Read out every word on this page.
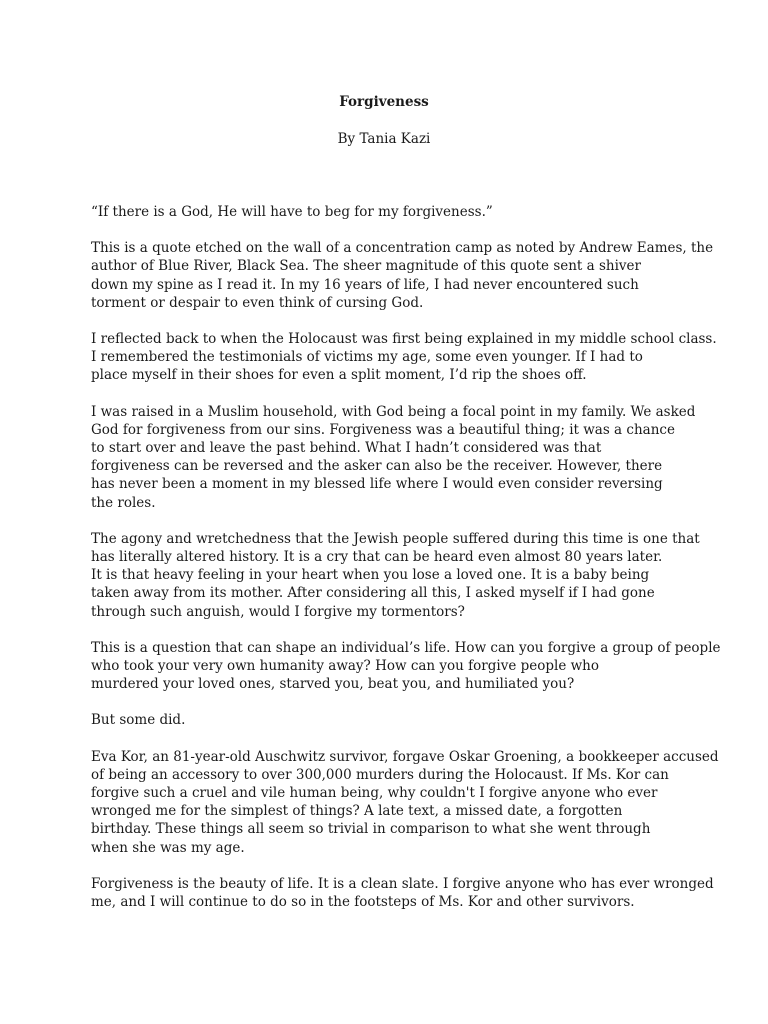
Forgiveness
By Tania Kazi

“If there is a God, He will have to beg for my forgiveness.”

This is a quote etched on the wall of a concentration camp as noted by Andrew Eames, the
author of Blue River, Black Sea. The sheer magnitude of this quote sent a shiver
down my spine as I read it. In my 16 years of life, I had never encountered such
torment or despair to even think of cursing God.

I reflected back to when the Holocaust was first being explained in my middle school class.
I remembered the testimonials of victims my age, some even younger. If I had to
place myself in their shoes for even a split moment, I’d rip the shoes off.

I was raised in a Muslim household, with God being a focal point in my family. We asked
God for forgiveness from our sins. Forgiveness was a beautiful thing; it was a chance
to start over and leave the past behind. What I hadn’t considered was that
forgiveness can be reversed and the asker can also be the receiver. However, there
has never been a moment in my blessed life where I would even consider reversing
the roles.

The agony and wretchedness that the Jewish people suffered during this time is one that
has literally altered history. It is a cry that can be heard even almost 80 years later.
It is that heavy feeling in your heart when you lose a loved one. It is a baby being
taken away from its mother. After considering all this, I asked myself if I had gone
through such anguish, would I forgive my tormentors?

This is a question that can shape an individual’s life. How can you forgive a group of people
who took your very own humanity away? How can you forgive people who
murdered your loved ones, starved you, beat you, and humiliated you?

But some did.

Eva Kor, an 81-year-old Auschwitz survivor, forgave Oskar Groening, a bookkeeper accused
of being an accessory to over 300,000 murders during the Holocaust. If Ms. Kor can
forgive such a cruel and vile human being, why couldn't I forgive anyone who ever
wronged me for the simplest of things? A late text, a missed date, a forgotten
birthday. These things all seem so trivial in comparison to what she went through
when she was my age.

Forgiveness is the beauty of life. It is a clean slate. I forgive anyone who has ever wronged
me, and I will continue to do so in the footsteps of Ms. Kor and other survivors.
